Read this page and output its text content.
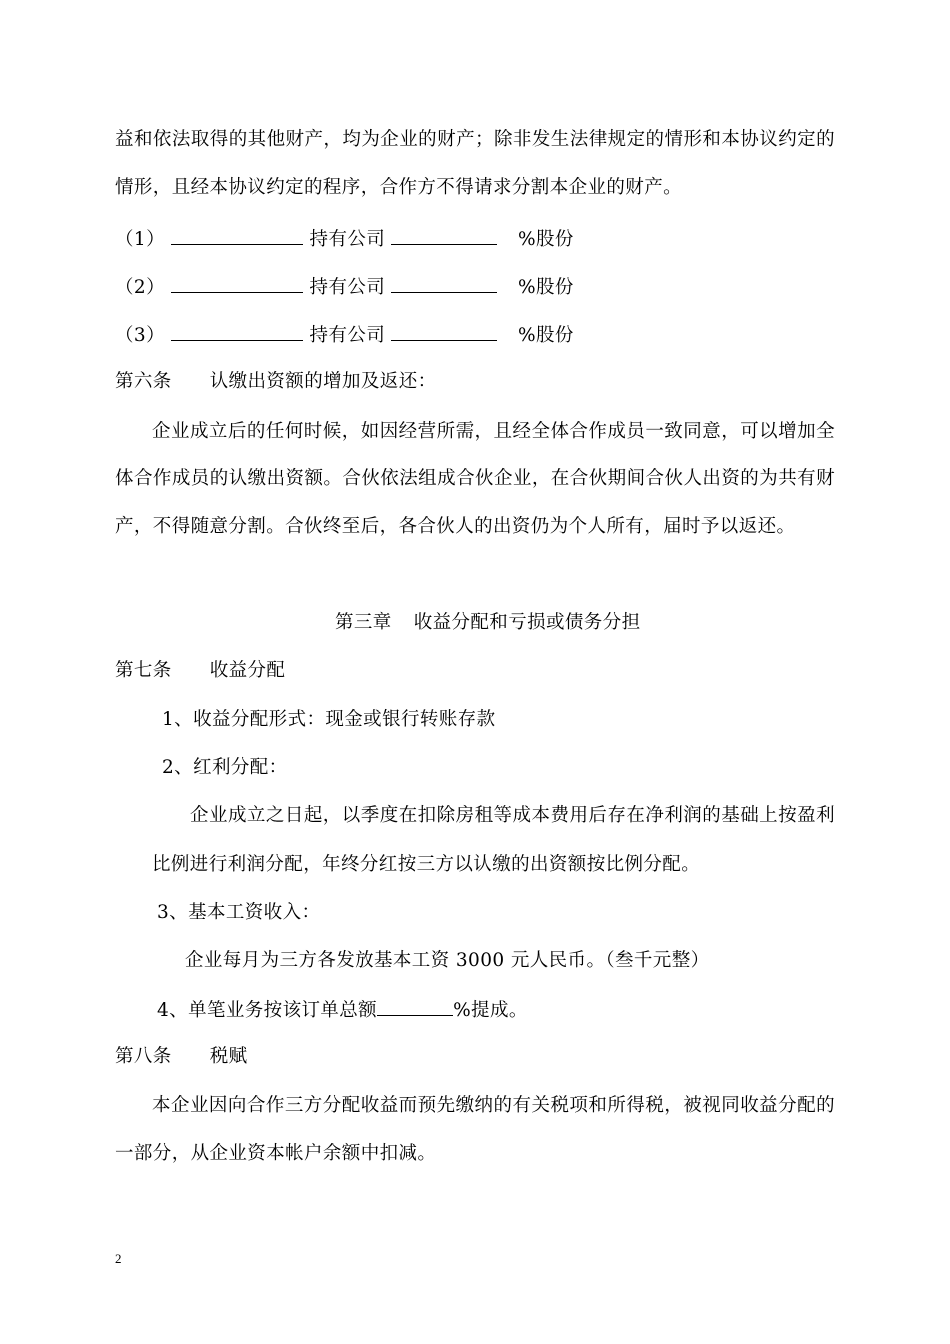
益和依法取得的其他财产，均为企业的财产；除非发生法律规定的情形和本协议约定的
情形，且经本协议约定的程序，合作方不得请求分割本企业的财产。
（1）	持有公司	%股份
（2）	持有公司	%股份
（3）	持有公司	%股份
第六条 认缴出资额的增加及返还：
企业成立后的任何时候，如因经营所需，且经全体合作成员一致同意，可以增加全
体合作成员的认缴出资额。合伙依法组成合伙企业，在合伙期间合伙人出资的为共有财
产，不得随意分割。合伙终至后，各合伙人的出资仍为个人所有，届时予以返还。
第三章 收益分配和亏损或债务分担
第七条 收益分配
1、收益分配形式：现金或银行转账存款
2、红利分配：
企业成立之日起，以季度在扣除房租等成本费用后存在净利润的基础上按盈利
比例进行利润分配，年终分红按三方以认缴的出资额按比例分配。
3、基本工资收入：
企业每月为三方各发放基本工资 3000 元人民币。（叁千元整）
4、单笔业务按该订单总额	%提成。
第八条 税赋
本企业因向合作三方分配收益而预先缴纳的有关税项和所得税，被视同收益分配的
一部分，从企业资本帐户余额中扣减。
2
